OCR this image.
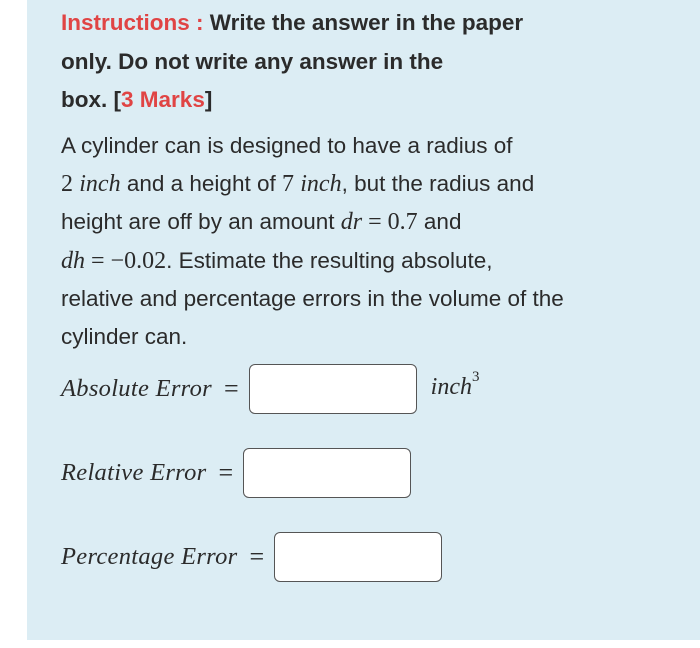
Instructions : Write the answer in the paper
only. Do not write any answer in the
box. [3 Marks]
A cylinder can is designed to have a radius of
2 inch and a height of 7 inch, but the radius and
height are off by an amount dr = 0.7 and
dh = −0.02. Estimate the resulting absolute,
relative and percentage errors in the volume of the
cylinder can.
Absolute Error =	inch$^3$
Relative Error =
Percentage Error =
